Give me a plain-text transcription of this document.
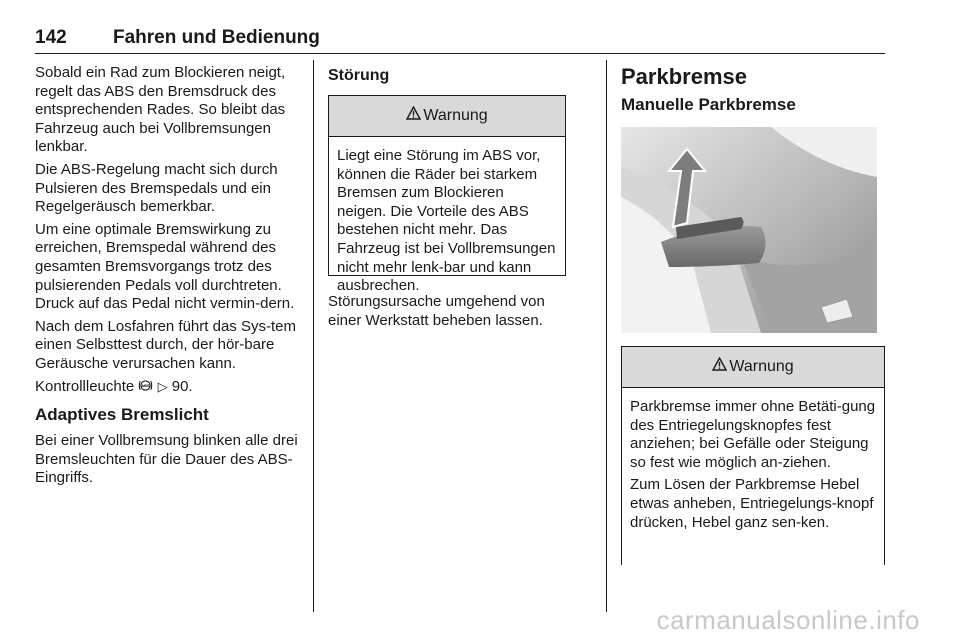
142 Fahren und Bedienung

Sobald ein Rad zum Blockieren neigt, regelt das ABS den Bremsdruck des entsprechenden Rades. So bleibt das Fahrzeug auch bei Vollbremsungen lenkbar.

Die ABS-Regelung macht sich durch Pulsieren des Bremspedals und ein Regelgeräusch bemerkbar.

Um eine optimale Bremswirkung zu erreichen, Bremspedal während des gesamten Bremsvorgangs trotz des pulsierenden Pedals voll durchtreten. Druck auf das Pedal nicht vermin-dern.

Nach dem Losfahren führt das Sys-tem einen Selbsttest durch, der hör-bare Geräusche verursachen kann.

Kontrollleuchte ABS ▷ 90.

Adaptives Bremslicht

Bei einer Vollbremsung blinken alle drei Bremsleuchten für die Dauer des ABS-Eingriffs.

Störung
Warnung

Liegt eine Störung im ABS vor, können die Räder bei starkem Bremsen zum Blockieren neigen. Die Vorteile des ABS bestehen nicht mehr. Das Fahrzeug ist bei Vollbremsungen nicht mehr lenk-bar und kann ausbrechen.

Störungsursache umgehend von einer Werkstatt beheben lassen.

Parkbremse
Manuelle Parkbremse
Warnung

Parkbremse immer ohne Betäti-gung des Entriegelungsknopfes fest anziehen; bei Gefälle oder Steigung so fest wie möglich an-ziehen.

Zum Lösen der Parkbremse Hebel etwas anheben, Entriegelungs-knopf drücken, Hebel ganz sen-ken.

carmanualsonline.info
